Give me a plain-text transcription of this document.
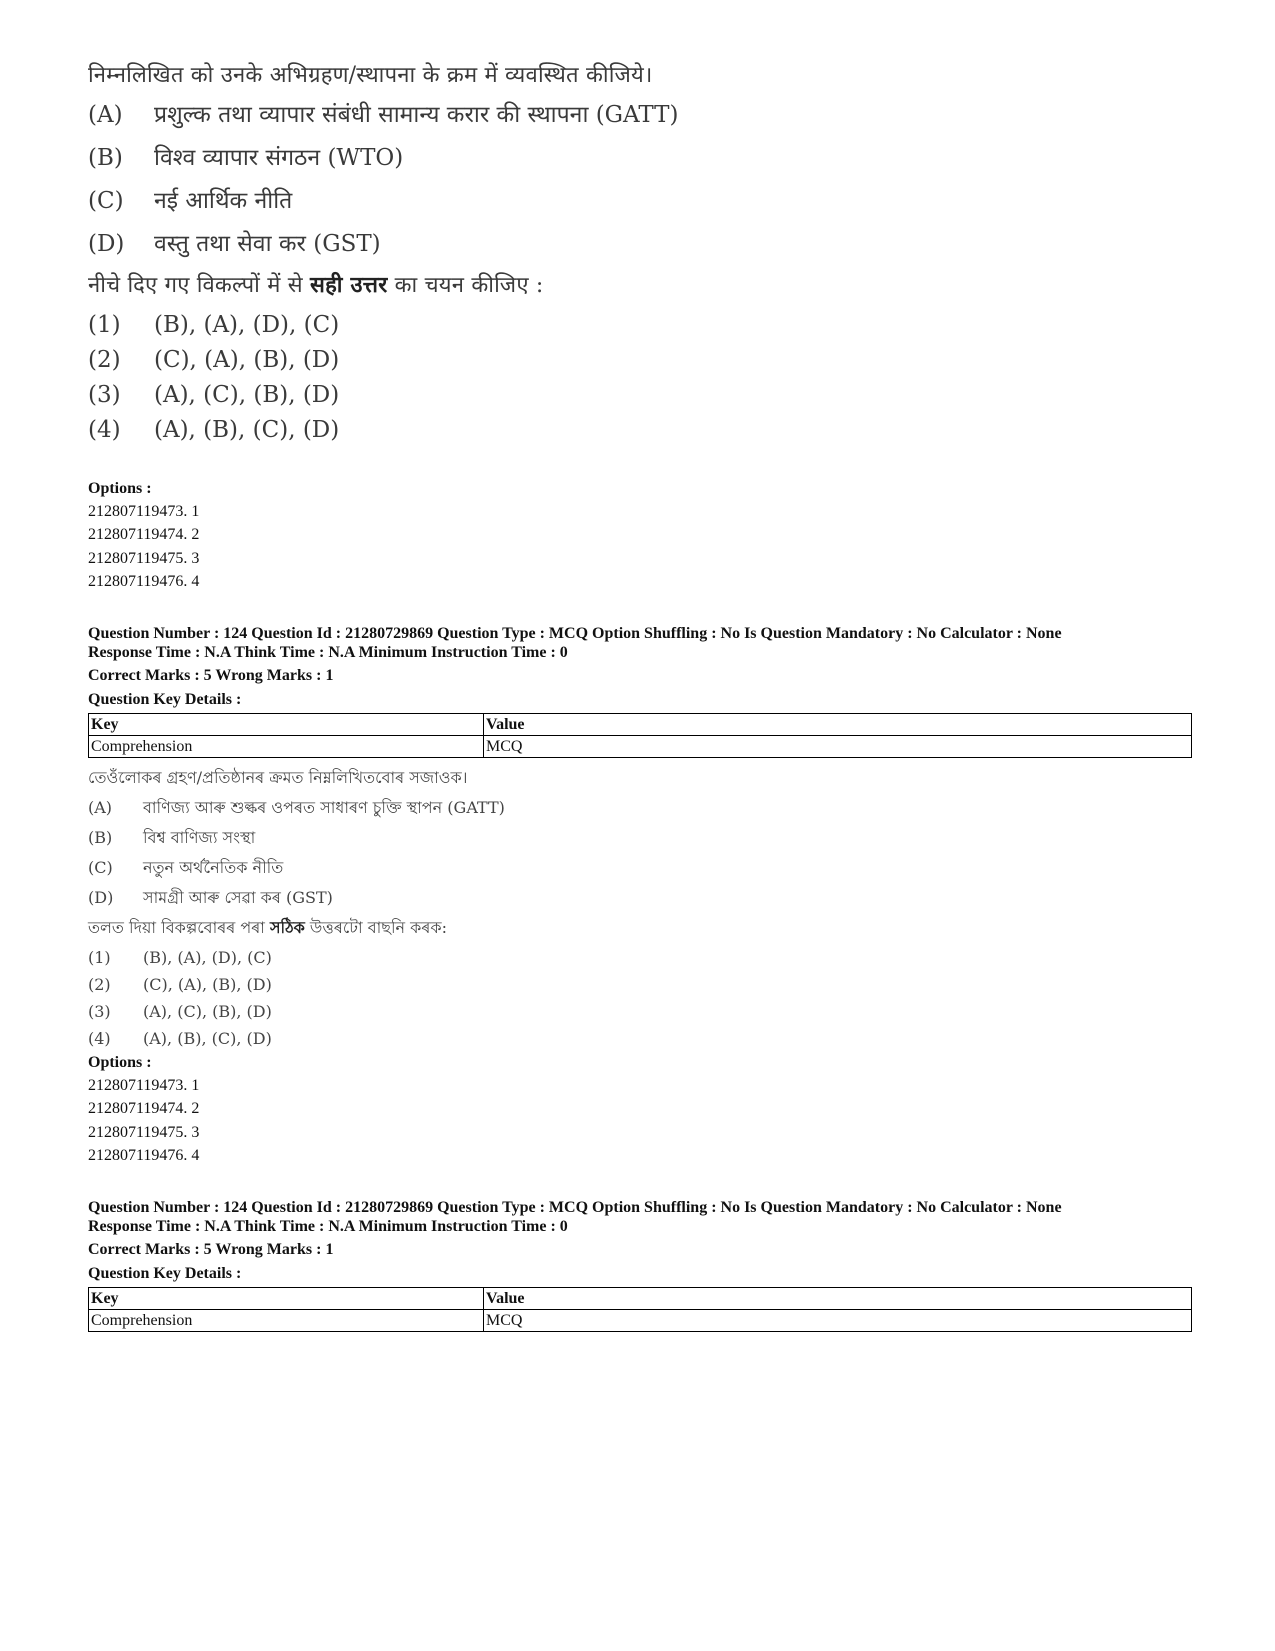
निम्नलिखित को उनके अभिग्रहण/स्थापना के क्रम में व्यवस्थित कीजिये।
(A)	प्रशुल्क तथा व्यापार संबंधी सामान्य करार की स्थापना (GATT)
(B)	विश्व व्यापार संगठन (WTO)
(C)	नई आर्थिक नीति
(D)	वस्तु तथा सेवा कर (GST)
नीचे दिए गए विकल्पों में से सही उत्तर का चयन कीजिए :
(1)	(B), (A), (D), (C)
(2)	(C), (A), (B), (D)
(3)	(A), (C), (B), (D)
(4)	(A), (B), (C), (D)
Options :
212807119473. 1
212807119474. 2
212807119475. 3
212807119476. 4
Question Number : 124 Question Id : 21280729869 Question Type : MCQ Option Shuffling : No Is Question Mandatory : No Calculator : None
Response Time : N.A Think Time : N.A Minimum Instruction Time : 0
Correct Marks : 5 Wrong Marks : 1
Question Key Details :
Key	Value
Comprehension	MCQ
তেওঁলোকৰ গ্ৰহণ/প্ৰতিষ্ঠানৰ ক্ৰমত নিম্নলিখিতবোৰ সজাওক।
(A)	বাণিজ্য আৰু শুল্কৰ ওপৰত সাধাৰণ চুক্তি স্থাপন (GATT)
(B)	বিশ্ব বাণিজ্য সংস্থা
(C)	নতুন অৰ্থনৈতিক নীতি
(D)	সামগ্ৰী আৰু সেৱা কৰ (GST)
তলত দিয়া বিকল্পবোৰৰ পৰা সঠিক উত্তৰটো বাছনি কৰক:
(1)	(B), (A), (D), (C)
(2)	(C), (A), (B), (D)
(3)	(A), (C), (B), (D)
(4)	(A), (B), (C), (D)
Options :
212807119473. 1
212807119474. 2
212807119475. 3
212807119476. 4
Question Number : 124 Question Id : 21280729869 Question Type : MCQ Option Shuffling : No Is Question Mandatory : No Calculator : None
Response Time : N.A Think Time : N.A Minimum Instruction Time : 0
Correct Marks : 5 Wrong Marks : 1
Question Key Details :
Key	Value
Comprehension	MCQ
